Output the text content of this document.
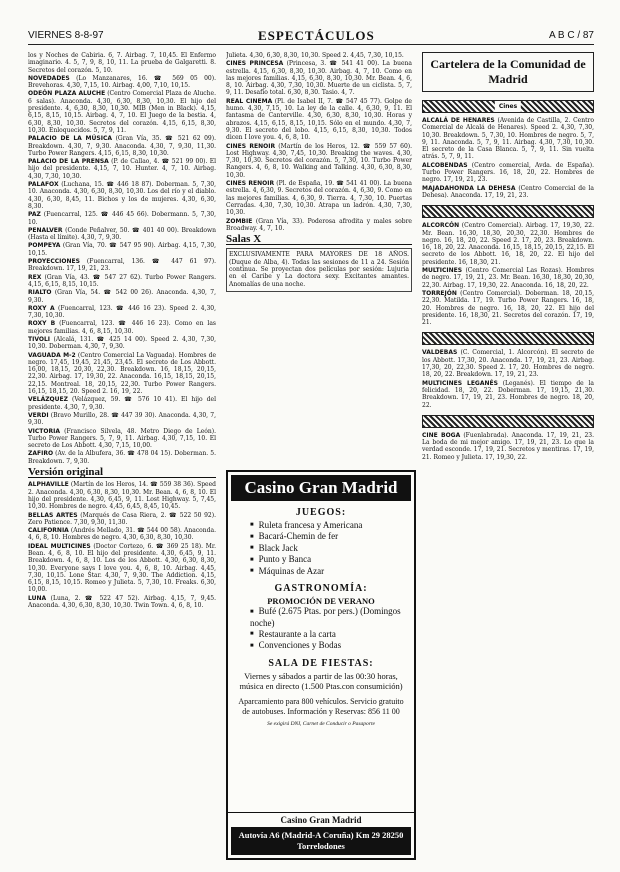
VIERNES 8-8-97	ESPECTÁCULOS	A B C / 87

los y Noches de Cabiria. 6, 7. Airbag. 7, 10,45. El Enfermo imaginario. 4. 5, 7, 9, 8, 10, 11. La prueba de Galgaretti. 8. Secretos del corazón. 5, 10.

NOVEDADES (Lo Manzanares, 16. ☎ 569 05 00). Brevehoras. 4,30, 7,15, 10. Airbag. 4,00, 7,10, 10,15.

ODEÓN PLAZA ALUCHE (Centro Comercial Plaza de Aluche. 6 salas). Anaconda. 4,30, 6,30, 8,30, 10,30. El hijo del presidente. 4, 6,30, 8,30, 10,30. MIB (Men in Black). 4,15, 6,15, 8,15, 10,15. Airbag. 4, 7, 10. El Juego de la bestia. 4, 6,30, 8,30, 10,30. Secretos del corazón. 4,15, 6,15, 8,30, 10,30. Enloquecidos. 5, 7, 9, 11.

PALACIO DE LA MÚSICA (Gran Vía, 35. ☎ 521 62 09). Breakdown. 4,30, 7, 9,30. Anaconda. 4,30, 7, 9,30, 11,30. Turbo Power Rangers. 4,15, 6,15, 8,30, 10,30.

PALACIO DE LA PRENSA (P. de Callao, 4. ☎ 521 99 00). El hijo del presidente. 4,15, 7, 10. Hunter. 4, 7, 10. Airbag. 4,30, 7,30, 10,30.

PALAFOX (Luchana, 15. ☎ 446 18 87). Doberman. 5, 7,30, 10. Anaconda. 4,30, 6,30, 8,30, 10,30. Los del río y el diablo. 4,30, 6,30, 8,45, 11. Bichos y los de mujeres. 4,30, 6,30, 8,30.

PAZ (Fuencarral, 125. ☎ 446 45 66). Dobermann. 5, 7,30, 10.

PENALVER (Conde Peñalver, 50. ☎ 401 40 00). Breakdown (Hasta el límite). 4,30, 7, 9,30.

POMPEYA (Gran Vía, 70. ☎ 547 95 90). Airbag. 4,15, 7,30, 10,15.

PROYECCIONES (Fuencarral, 136. ☎ 447 61 97). Breakdown. 17, 19, 21, 23.

REX (Gran Vía, 43. ☎ 547 27 62). Turbo Power Rangers. 4,15, 6,15, 8,15, 10,15.

RIALTO (Gran Vía, 54. ☎ 542 00 26). Anaconda. 4,30, 7, 9,30.

ROXY A (Fuencarral, 123. ☎ 446 16 23). Speed 2. 4,30, 7,30, 10,30.

ROXY B (Fuencarral, 123. ☎ 446 16 23). Como en las mejores familias. 4, 6, 8,15, 10,30.

TIVOLI (Alcalá, 131. ☎ 425 14 00). Speed 2. 4,30, 7,30, 10,30. Doberman. 4,30, 7, 9,30.

VAGUADA M-2 (Centro Comercial La Vaguada). Hombres de negro. 17,45, 19,45, 21,45, 23,45. El secreto de Los Abbott. 16,00, 18,15, 20,30, 22,30. Breakdown. 16, 18,15, 20,15, 22,30. Airbag. 17, 19,30, 22. Anaconda. 16,15, 18,15, 20,15, 22,15. Montreal. 18, 20,15, 22,30. Turbo Power Rangers. 16,15, 18,15, 20. Speed 2. 16, 19, 22.

VELÁZQUEZ (Velázquez, 59. ☎ 576 10 41). El hijo del presidente. 4,30, 7, 9,30.

VERDI (Bravo Murillo, 28. ☎ 447 39 30). Anaconda. 4,30, 7, 9,30.

VICTORIA (Francisco Silvela, 48. Metro Diego de León). Turbo Power Rangers. 5, 7, 9, 11. Airbag. 4,30, 7,15, 10. El secreto de Los Abbott. 4,30, 7,15, 10,00.

ZAFIRO (Av. de la Albufera, 36. ☎ 478 04 15). Doberman. 5. Breakdown. 7, 9,30.

Versión original

ALPHAVILLE (Martín de los Heros, 14. ☎ 559 38 36). Speed 2. Anaconda. 4,30, 6,30, 8,30, 10,30. Mr. Bean. 4, 6, 8, 10. El hijo del presidente. 4,30, 6,45, 9, 11. Lost Highway. 5, 7,45, 10,30. Hombres de negro. 4,45, 6,45, 8,45, 10,45.

BELLAS ARTES (Marqués de Casa Riera, 2. ☎ 522 50 92). Zero Patience. 7,30, 9,30, 11,30.

CALIFORNIA (Andrés Mellado, 31. ☎ 544 00 58). Anaconda. 4, 6, 8, 10. Hombres de negro. 4,30, 6,30, 8,30, 10,30.

IDEAL MULTICINES (Doctor Cortezo, 6. ☎ 369 25 18). Mr. Bean. 4, 6, 8, 10. El hijo del presidente. 4,30, 6,45, 9, 11. Breakdown. 4, 6, 8, 10. Los de los Abbott. 4,30, 6,30, 8,30, 10,30. Everyone says I love you. 4, 6, 8, 10. Airbag. 4,45, 7,30, 10,15. Lone Star. 4,30, 7, 9,30. The Addiction. 4,15, 6,15, 8,15, 10,15. Romeo y Julieta. 5, 7,30, 10. Freaks. 6,30, 10,00.

LUNA (Luna, 2. ☎ 522 47 52). Airbag. 4,15, 7, 9,45. Anaconda. 4,30, 6,30, 8,30, 10,30. Twin Town. 4, 6, 8, 10.

Julieta. 4,30, 6,30, 8,30, 10,30. Speed 2. 4,45, 7,30, 10,15.

CINES PRINCESA (Princesa, 3. ☎ 541 41 00). La buena estrella. 4,15, 6,30, 8,30, 10,30. Airbag. 4, 7, 10. Como en las mejores familias. 4,15, 6,30, 8,30, 10,30. Mr. Bean. 4, 6, 8, 10. Airbag. 4,30, 7,30, 10,30. Muerte de un ciclista. 5, 7, 9, 11. Desafío total. 6,30, 8,30. Tasio. 4, 7.

REAL CINEMA (Pl. de Isabel II, 7. ☎ 547 45 77). Golpe de humo. 4,30, 7,15, 10. La ley de la calle. 4, 6,30, 9, 11. El fantasma de Canterville. 4,30, 6,30, 8,30, 10,30. Horas y abrazos. 4,15, 6,15, 8,15, 10,15. Sólo en el mundo. 4,30, 7, 9,30. El secreto del lobo. 4,15, 6,15, 8,30, 10,30. Todos dicen I love you. 4, 6, 8, 10.

CINES RENOIR (Martín de los Heros, 12. ☎ 559 57 60). Lost Highway. 4,30, 7,45, 10,30. Breaking the waves. 4,30, 7,30, 10,30. Secretos del corazón. 5, 7,30, 10. Turbo Power Rangers. 4, 6, 8, 10. Walking and Talking. 4,30, 6,30, 8,30, 10,30.

CINES RENOIR (Pl. de España, 19. ☎ 541 41 00). La buena estrella. 4, 6,30, 9. Secretos del corazón. 4, 6,30, 9. Como en las mejores familias. 4, 6,30, 9. Tierra. 4, 7,30, 10. Puertas Cerradas. 4,30, 7,30, 10,30. Atrapa un ladrón. 4,30, 7,30, 10,30.

ZOMBIE (Gran Vía, 33). Poderosa afrodita y males sobre Broadway. 4, 7, 10.

Salas X

EXCLUSIVAMENTE PARA MAYORES DE 18 AÑOS. (Duque de Alba, 4). Todas las sesiones de 11 a 24. Sesión continua. Se proyectan dos películas por sesión: Lujuria en el Caribe y La doctora sexy. Excitantes amantes. Anomalías de una noche.

Casino Gran Madrid
JUEGOS:
■ Ruleta francesa y Americana
■ Bacará-Chemin de fer
■ Black Jack
■ Punto y Banca
■ Máquinas de Azar
GASTRONOMÍA:
PROMOCIÓN DE VERANO
■ Bufé (2.675 Ptas. por pers.) (Domingos noche)
■ Restaurante a la carta
■ Convenciones y Bodas
SALA DE FIESTAS:
Viernes y sábados a partir de las 00:30 horas, música en directo (1.500 Ptas.con consumición)
Aparcamiento para 800 vehículos. Servicio gratuito de autobuses. Información y Reservas: 856 11 00
Se exigirá DNI, Carnet de Conducir o Pasaporte
Casino Gran Madrid
Autovía A6 (Madrid-A Coruña) Km 29 28250 Torrelodones
Cartelera de la Comunidad de Madrid
Cines

ALCALÁ DE HENARES (Avenida de Castilla, 2. Centro Comercial de Alcalá de Henares). Speed 2. 4,30, 7,30, 10,30. Breakdown. 5, 7,30, 10. Hombres de negro. 5, 7, 9, 11. Anaconda. 5, 7, 9, 11. Airbag. 4,30, 7,30, 10,30. El secreto de la Casa Blanca. 5, 7, 9, 11. Sin vuelta atrás. 5, 7, 9, 11.

ALCOBENDAS (Centro comercial, Avda. de España). Turbo Power Rangers. 16, 18, 20, 22. Hombres de negro. 17, 19, 21, 23.

MAJADAHONDA LA DEHESA (Centro Comercial de la Dehesa). Anaconda. 17, 19, 21, 23.

ALCORCÓN (Centro Comercial). Airbag. 17, 19,30, 22. Mr. Bean. 16,30, 18,30, 20,30, 22,30. Hombres de negro. 16, 18, 20, 22. Speed 2. 17, 20, 23. Breakdown. 16, 18, 20, 22. Anaconda. 16,15, 18,15, 20,15, 22,15. El secreto de los Abbott. 16, 18, 20, 22. El hijo del presidente. 16, 18,30, 21.

MULTICINES (Centro Comercial Las Rozas). Hombres de negro. 17, 19, 21, 23. Mr. Bean. 16,30, 18,30, 20,30, 22,30. Airbag. 17, 19,30, 22. Anaconda. 16, 18, 20, 22.

TORREJÓN (Centro Comercial). Doberman. 18, 20,15, 22,30. Matilda. 17, 19. Turbo Power Rangers. 16, 18, 20. Hombres de negro. 16, 18, 20, 22. El hijo del presidente. 16, 18,30, 21. Secretos del corazón. 17, 19, 21.

VALDEBAS (C. Comercial, 1. Alcorcón). El secreto de los Abbott. 17,30, 20. Anaconda. 17, 19, 21, 23. Airbag. 17,30, 20, 22,30. Speed 2. 17, 20. Hombres de negro. 18, 20, 22. Breakdown. 17, 19, 21, 23.

MULTICINES LEGANÉS (Leganés). El tiempo de la felicidad. 18, 20, 22. Doberman. 17, 19,15, 21,30. Breakdown. 17, 19, 21, 23. Hombres de negro. 18, 20, 22.

CINE BOGA (Fuenlabrada). Anaconda. 17, 19, 21, 23. La boda de mi mejor amigo. 17, 19, 21, 23. Lo que la verdad esconde. 17, 19, 21. Secretos y mentiras. 17, 19, 21. Romeo y Julieta. 17, 19,30, 22.
